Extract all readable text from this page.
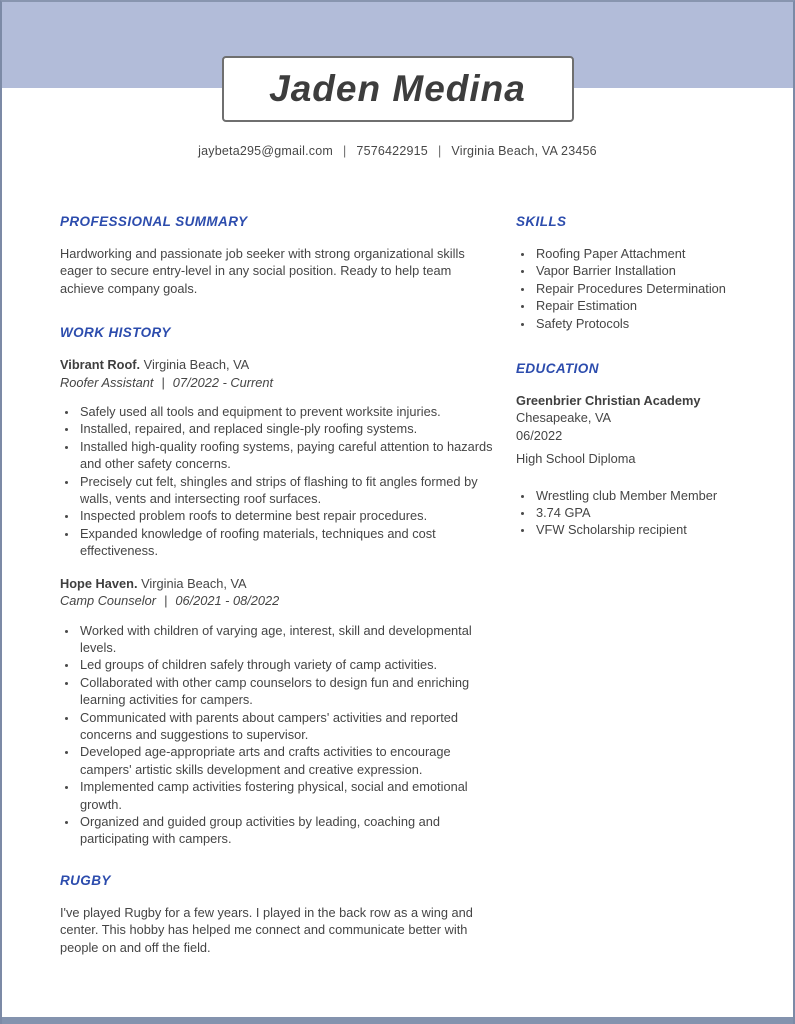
Jaden Medina
jaybeta295@gmail.com | 7576422915 | Virginia Beach, VA 23456
PROFESSIONAL SUMMARY

Hardworking and passionate job seeker with strong organizational skills eager to secure entry-level in any social position. Ready to help team achieve company goals.

WORK HISTORY
Vibrant Roof. Virginia Beach, VA
Roofer Assistant | 07/2022 - Current
• Safely used all tools and equipment to prevent worksite injuries.
• Installed, repaired, and replaced single-ply roofing systems.
• Installed high-quality roofing systems, paying careful attention to hazards and other safety concerns.
• Precisely cut felt, shingles and strips of flashing to fit angles formed by walls, vents and intersecting roof surfaces.
• Inspected problem roofs to determine best repair procedures.
• Expanded knowledge of roofing materials, techniques and cost effectiveness.
Hope Haven. Virginia Beach, VA
Camp Counselor | 06/2021 - 08/2022
• Worked with children of varying age, interest, skill and developmental levels.
• Led groups of children safely through variety of camp activities.
• Collaborated with other camp counselors to design fun and enriching learning activities for campers.
• Communicated with parents about campers' activities and reported concerns and suggestions to supervisor.
• Developed age-appropriate arts and crafts activities to encourage campers' artistic skills development and creative expression.
• Implemented camp activities fostering physical, social and emotional growth.
• Organized and guided group activities by leading, coaching and participating with campers.
RUGBY

I've played Rugby for a few years. I played in the back row as a wing and center. This hobby has helped me connect and communicate better with people on and off the field.

SKILLS
• Roofing Paper Attachment
• Vapor Barrier Installation
• Repair Procedures Determination
• Repair Estimation
• Safety Protocols
EDUCATION
Greenbrier Christian Academy
Chesapeake, VA
06/2022
High School Diploma
• Wrestling club Member Member
• 3.74 GPA
• VFW Scholarship recipient
